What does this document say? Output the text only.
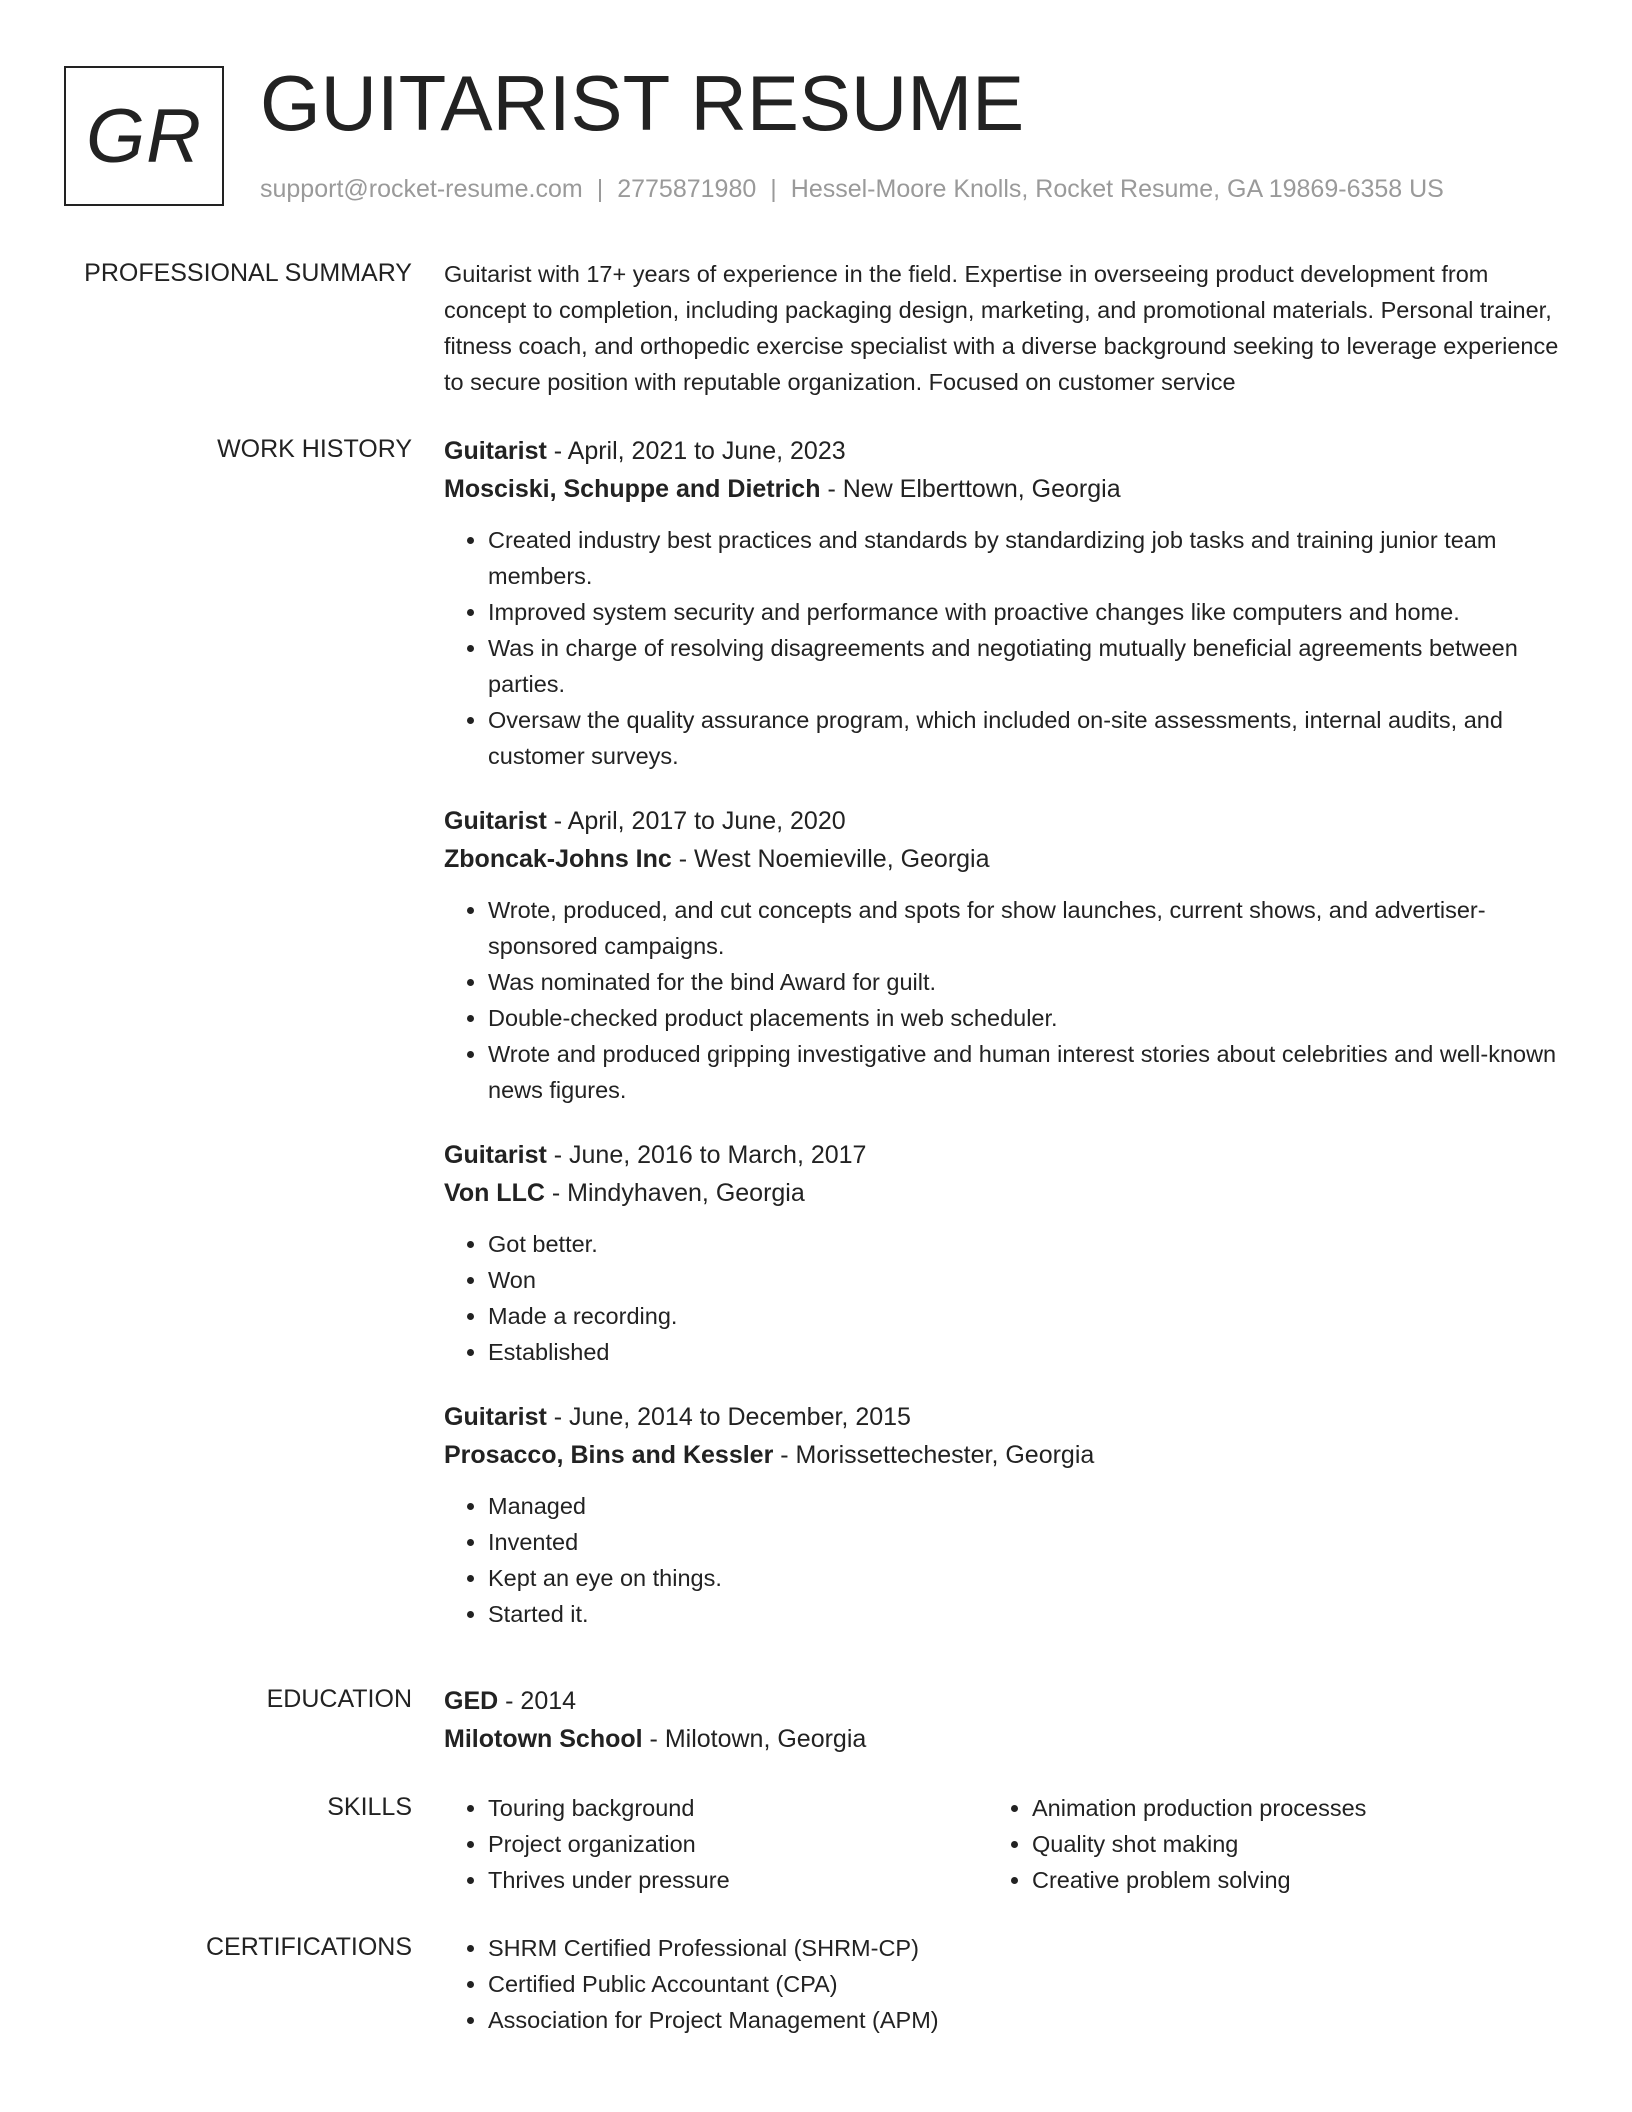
GR GUITARIST RESUME
support@rocket-resume.com | 2775871980 | Hessel-Moore Knolls, Rocket Resume, GA 19869-6358 US
PROFESSIONAL SUMMARY Guitarist with 17+ years of experience in the field. Expertise in overseeing product development from concept to completion, including packaging design, marketing, and promotional materials. Personal trainer, fitness coach, and orthopedic exercise specialist with a diverse background seeking to leverage experience to secure position with reputable organization. Focused on customer service

WORK HISTORY Guitarist - April, 2021 to June, 2023
Mosciski, Schuppe and Dietrich - New Elberttown, Georgia
• Created industry best practices and standards by standardizing job tasks and training junior team members.
• Improved system security and performance with proactive changes like computers and home.
• Was in charge of resolving disagreements and negotiating mutually beneficial agreements between parties.
• Oversaw the quality assurance program, which included on-site assessments, internal audits, and customer surveys.
Guitarist - April, 2017 to June, 2020
Zboncak-Johns Inc - West Noemieville, Georgia
• Wrote, produced, and cut concepts and spots for show launches, current shows, and advertiser-sponsored campaigns.
• Was nominated for the bind Award for guilt.
• Double-checked product placements in web scheduler.
• Wrote and produced gripping investigative and human interest stories about celebrities and well-known news figures.
Guitarist - June, 2016 to March, 2017
Von LLC - Mindyhaven, Georgia
• Got better.
• Won
• Made a recording.
• Established
Guitarist - June, 2014 to December, 2015
Prosacco, Bins and Kessler - Morissettechester, Georgia
• Managed
• Invented
• Kept an eye on things.
• Started it.
EDUCATION GED - 2014
Milotown School - Milotown, Georgia
SKILLS	• Touring background
• Project organization
• Thrives under pressure
• Animation production processes
• Quality shot making
• Creative problem solving
CERTIFICATIONS	• SHRM Certified Professional (SHRM-CP)
• Certified Public Accountant (CPA)
• Association for Project Management (APM)
